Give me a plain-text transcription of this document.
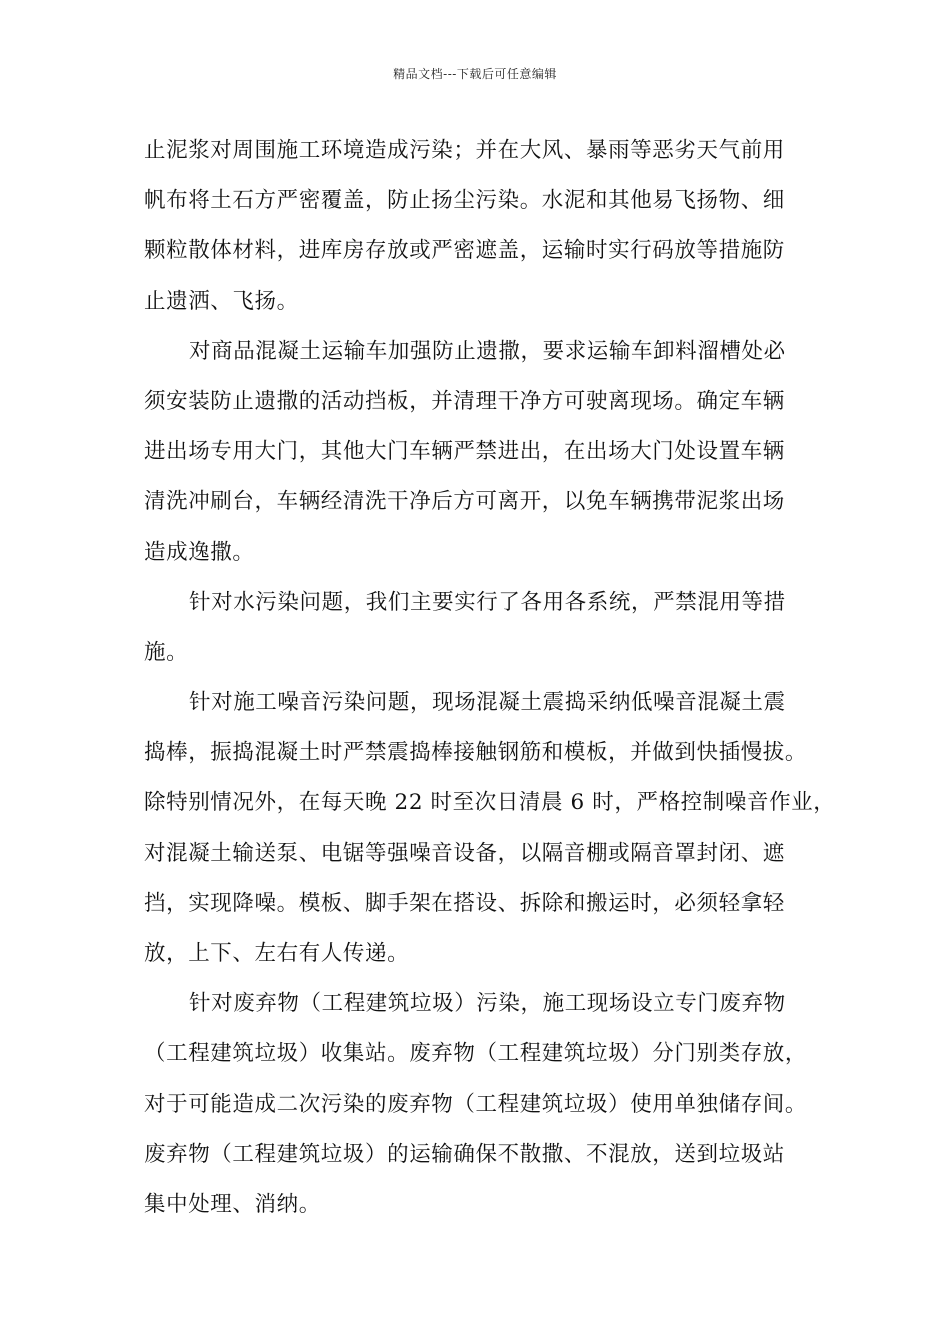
精品文档---下载后可任意编辑
止泥浆对周围施工环境造成污染；并在大风、暴雨等恶劣天气前用
帆布将土石方严密覆盖，防止扬尘污染。水泥和其他易飞扬物、细
颗粒散体材料，进库房存放或严密遮盖，运输时实行码放等措施防
止遗洒、飞扬。
对商品混凝土运输车加强防止遗撒，要求运输车卸料溜槽处必
须安装防止遗撒的活动挡板，并清理干净方可驶离现场。确定车辆
进出场专用大门，其他大门车辆严禁进出，在出场大门处设置车辆
清洗冲刷台，车辆经清洗干净后方可离开，以免车辆携带泥浆出场
造成逸撒。
针对水污染问题，我们主要实行了各用各系统，严禁混用等措
施。
针对施工噪音污染问题，现场混凝土震捣采纳低噪音混凝土震
捣棒，振捣混凝土时严禁震捣棒接触钢筋和模板，并做到快插慢拔。
除特别情况外，在每天晚 22 时至次日清晨 6 时，严格控制噪音作业，
对混凝土输送泵、电锯等强噪音设备，以隔音棚或隔音罩封闭、遮
挡，实现降噪。模板、脚手架在搭设、拆除和搬运时，必须轻拿轻
放，上下、左右有人传递。
针对废弃物（工程建筑垃圾）污染，施工现场设立专门废弃物
（工程建筑垃圾）收集站。废弃物（工程建筑垃圾）分门别类存放，
对于可能造成二次污染的废弃物（工程建筑垃圾）使用单独储存间。
废弃物（工程建筑垃圾）的运输确保不散撒、不混放，送到垃圾站
集中处理、消纳。
